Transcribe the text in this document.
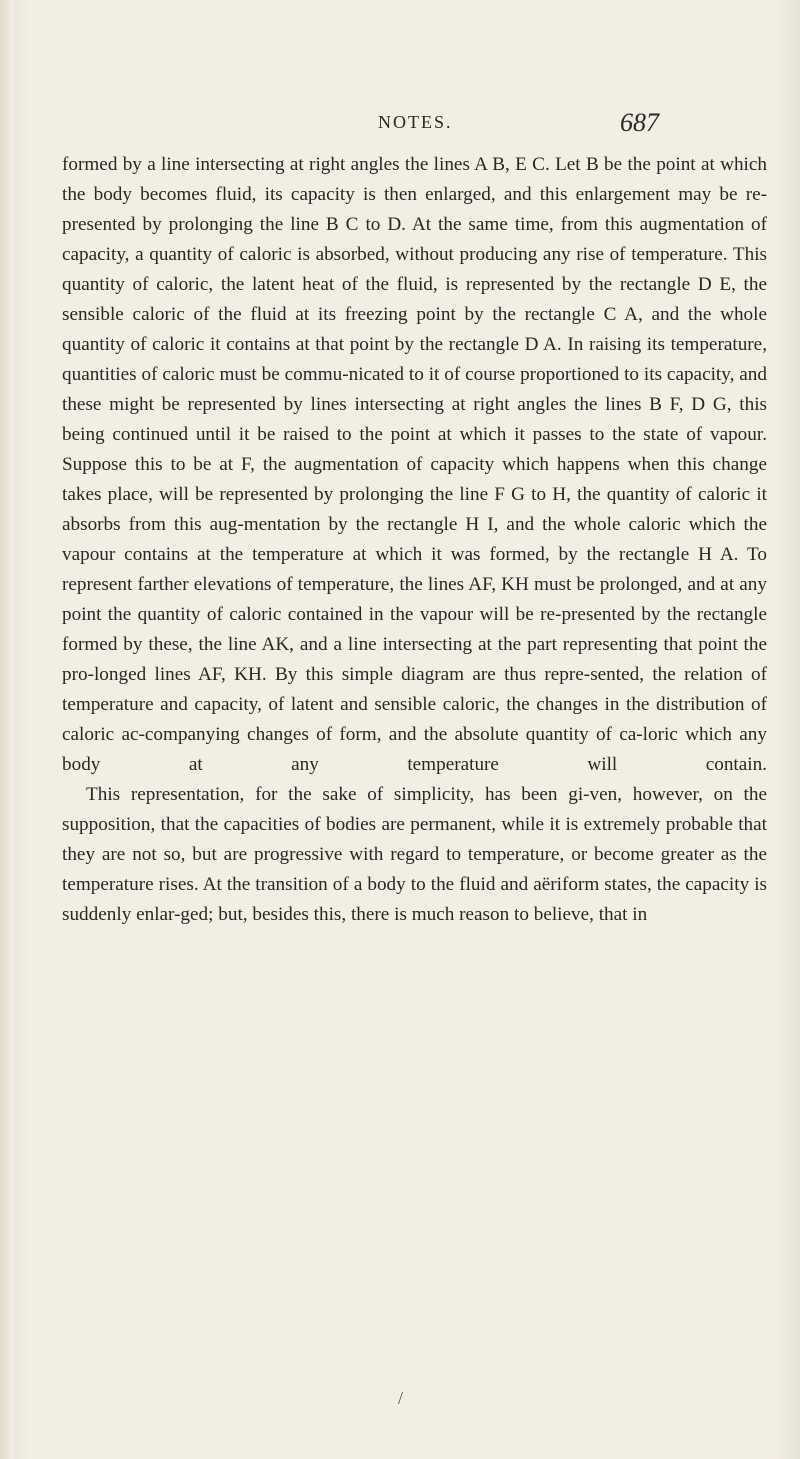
NOTES.	687

formed by a line intersecting at right angles the lines A B, E C. Let B be the point at which the body becomes fluid, its capacity is then enlarged, and this enlargement may be re-presented by prolonging the line B C to D. At the same time, from this augmentation of capacity, a quantity of caloric is absorbed, without producing any rise of temperature. This quantity of caloric, the latent heat of the fluid, is represented by the rectangle D E, the sensible caloric of the fluid at its freezing point by the rectangle C A, and the whole quantity of caloric it contains at that point by the rectangle D A. In raising its temperature, quantities of caloric must be commu-nicated to it of course proportioned to its capacity, and these might be represented by lines intersecting at right angles the lines B F, D G, this being continued until it be raised to the point at which it passes to the state of vapour. Suppose this to be at F, the augmentation of capacity which happens when this change takes place, will be represented by prolonging the line F G to H, the quantity of caloric it absorbs from this aug-mentation by the rectangle H I, and the whole caloric which the vapour contains at the temperature at which it was formed, by the rectangle H A. To represent farther elevations of temperature, the lines AF, KH must be prolonged, and at any point the quantity of caloric contained in the vapour will be re-presented by the rectangle formed by these, the line AK, and a line intersecting at the part representing that point the pro-longed lines AF, KH. By this simple diagram are thus repre-sented, the relation of temperature and capacity, of latent and sensible caloric, the changes in the distribution of caloric ac-companying changes of form, and the absolute quantity of ca-loric which any body at any temperature will contain.

This representation, for the sake of simplicity, has been gi-ven, however, on the supposition, that the capacities of bodies are permanent, while it is extremely probable that they are not so, but are progressive with regard to temperature, or become greater as the temperature rises. At the transition of a body to the fluid and aëriform states, the capacity is suddenly enlar-ged; but, besides this, there is much reason to believe, that in

/
